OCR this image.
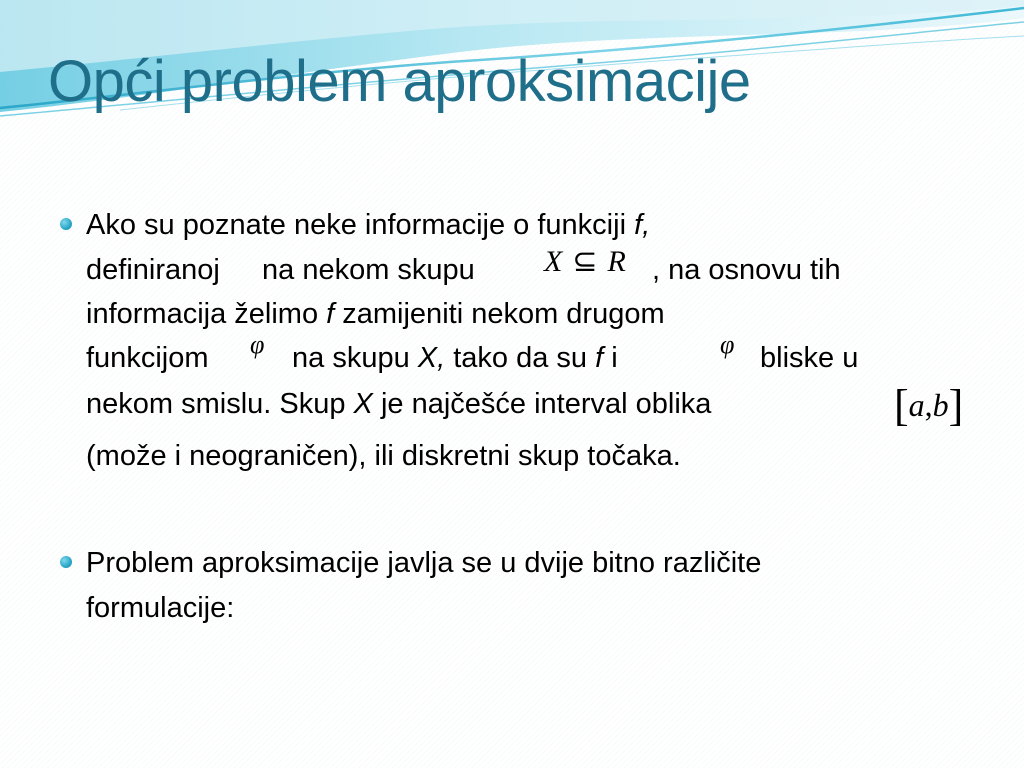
Opći problem aproksimacije
Ako su poznate neke informacije o funkciji f,
definiranoj na nekom skupu X ⊆ R , na osnovu tih
informacija želimo f zamijeniti nekom drugom
funkcijom φ na skupu X, tako da su f i	φ bliske u
nekom smislu. Skup X je najčešće interval oblika	[a,b]
(može i neograničen), ili diskretni skup točaka.
Problem aproksimacije javlja se u dvije bitno različite
formulacije:
